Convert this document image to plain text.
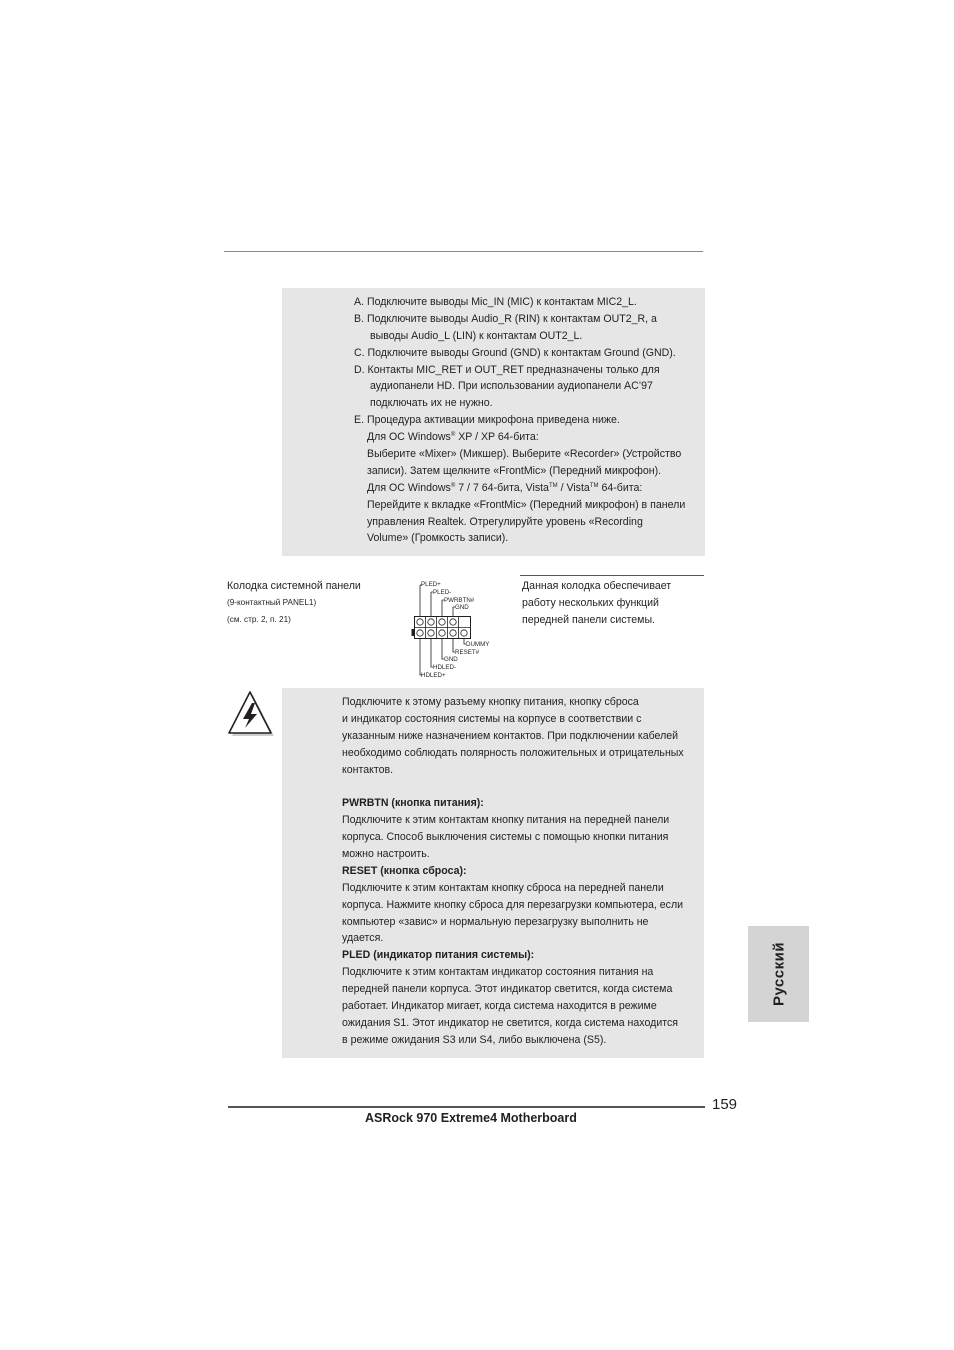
A. Подключите выводы Mic_IN (MIC) к контактам MIC2_L.
B. Подключите выводы Audio_R (RIN) к контактам OUT2_R, а
выводы Audio_L (LIN) к контактам OUT2_L.
C. Подключите выводы Ground (GND) к контактам Ground (GND).
D. Контакты MIC_RET и OUT_RET предназначены только для
аудиопанели HD. При использовании аудиопанели AC’97
подключать их не нужно.
E. Процедура активации микрофона приведена ниже.
Для ОС Windows® XP / XP 64-бита:
Выберите «Mixer» (Микшер). Выберите «Recorder» (Устройство
записи). Затем щелкните «FrontMic» (Передний микрофон).
Для ОС Windows® 7 / 7 64-бита, Vista™ / Vista™ 64-бита:
Перейдите к вкладке «FrontMic» (Передний микрофон) в панели
управления Realtek. Отрегулируйте уровень «Recording
Volume» (Громкость записи).
Колодка системной панели
(9-контактный PANEL1)
(см. стр. 2, п. 21)
Данная колодка обеспечивает
работу нескольких функций
передней панели системы.
PLED+
PLED-
PWRBTN#
GND
DUMMY
RESET#
GND
HDLED-
HDLED+
Подключите к этому разъему кнопку питания, кнопку сброса
и индикатор состояния системы на корпусе в соответствии с
указанным ниже назначением контактов. При подключении кабелей
необходимо соблюдать полярность положительных и отрицательных
контактов.
PWRBTN (кнопка питания):
Подключите к этим контактам кнопку питания на передней панели
корпуса. Способ выключения системы с помощью кнопки питания
можно настроить.
RESET (кнопка сброса):
Подключите к этим контактам кнопку сброса на передней панели
корпуса. Нажмите кнопку сброса для перезагрузки компьютера, если
компьютер «завис» и нормальную перезагрузку выполнить не
удается.
PLED (индикатор питания системы):
Подключите к этим контактам индикатор состояния питания на
передней панели корпуса. Этот индикатор светится, когда система
работает. Индикатор мигает, когда система находится в режиме
ожидания S1. Этот индикатор не светится, когда система находится
в режиме ожидания S3 или S4, либо выключена (S5).
Русский
159
ASRock 970 Extreme4 Motherboard
